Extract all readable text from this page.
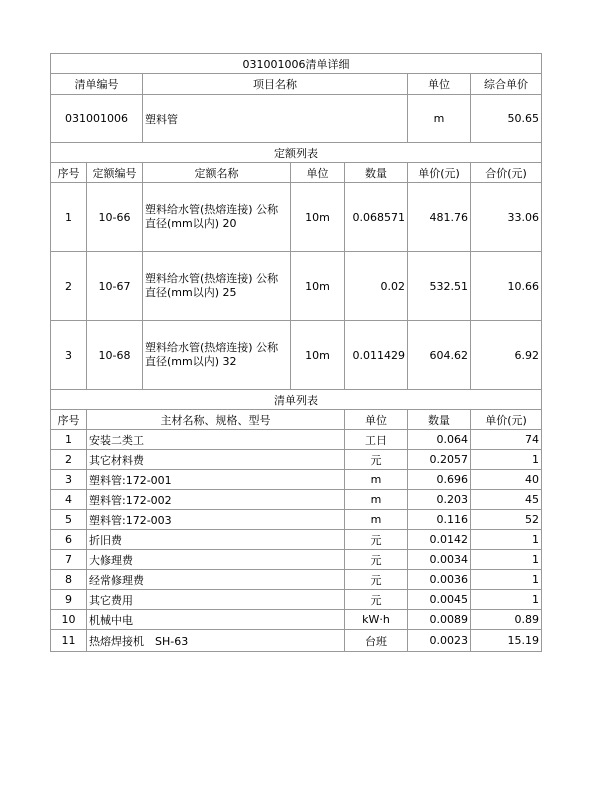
031001006清单详细							
清单编号		项目名称			单位	综合单价	
031001006		塑料管			m	50.65	
定额列表							
序号	定额编号	定额名称	单位	数量	单价(元)	合价(元)	
1	10-66	塑料给水管(热熔连接) 公称直径(mm以内) 20	10m	0.068571	481.76	33.06	
2	10-67	塑料给水管(热熔连接) 公称直径(mm以内) 25	10m	0.02	532.51	10.66	
3	10-68	塑料给水管(热熔连接) 公称直径(mm以内) 32	10m	0.011429	604.62	6.92	
清单列表							
序号	主材名称、规格、型号			单位	数量	单价(元)	
1	安装二类工			工日	0.064	74	
2	其它材料费			元	0.2057	1	
3	塑料管:172-001			m	0.696	40	
4	塑料管:172-002			m	0.203	45	
5	塑料管:172-003			m	0.116	52	
6	折旧费			元	0.0142	1	
7	大修理费			元	0.0034	1	
8	经常修理费			元	0.0036	1	
9	其它费用			元	0.0045	1	
10	机械中电			kW·h	0.0089	0.89	
11	热熔焊接机　SH-63			台班	0.0023	15.19	
